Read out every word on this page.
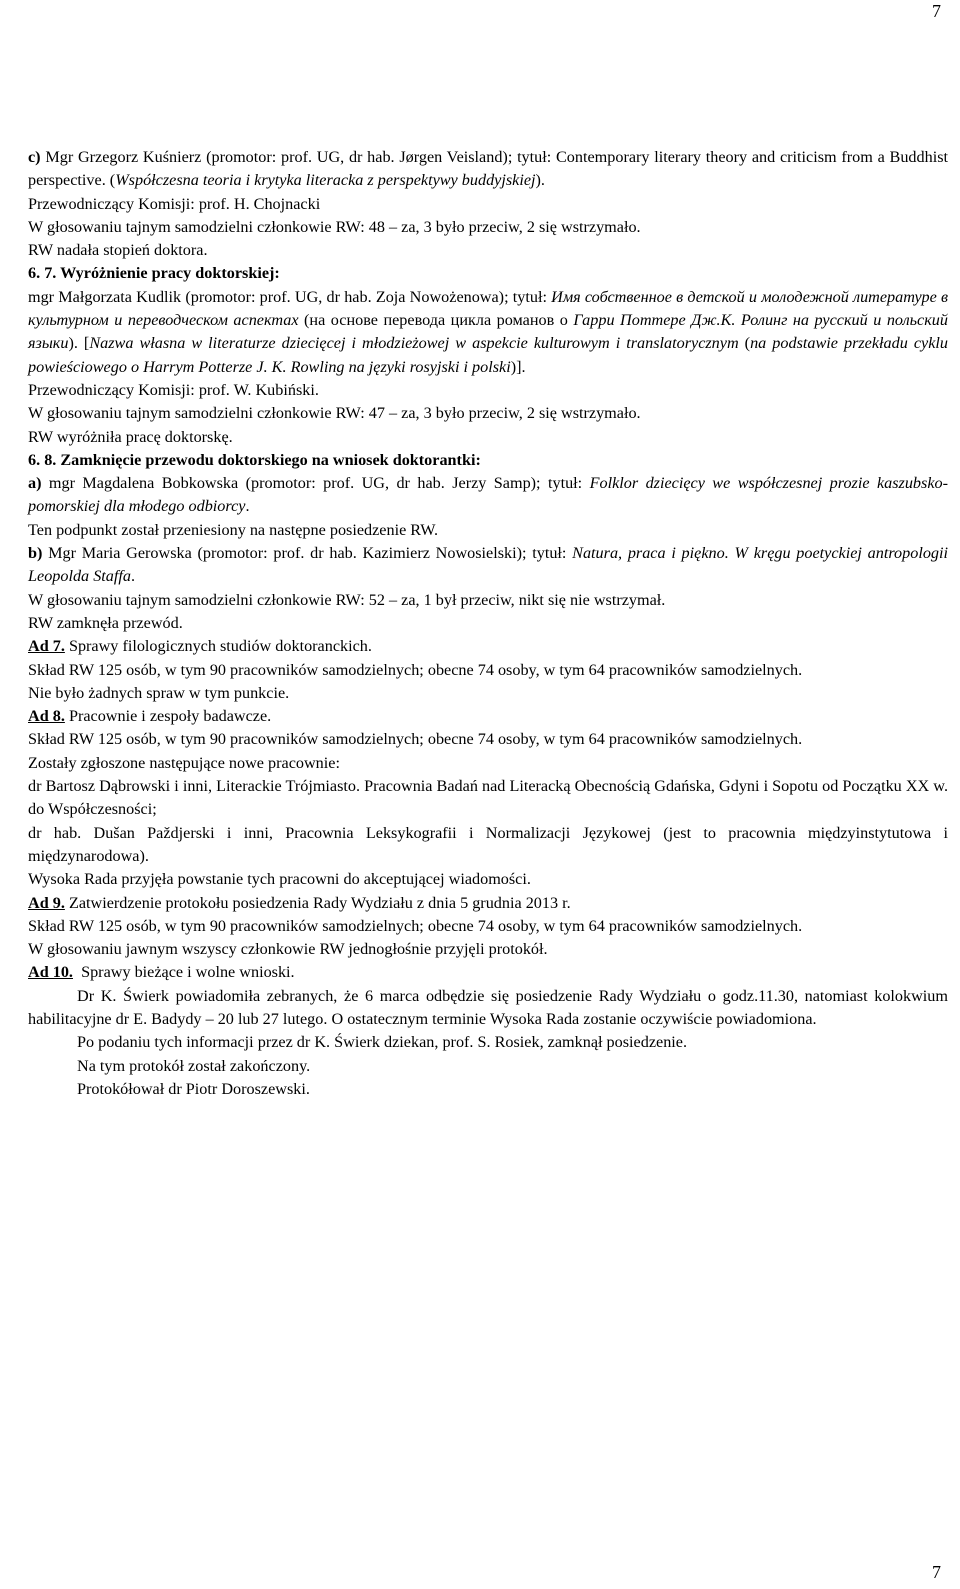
7

c) Mgr Grzegorz Kuśnierz (promotor: prof. UG, dr hab. Jørgen Veisland); tytuł: Contemporary literary theory and criticism from a Buddhist perspective. (Współczesna teoria i krytyka literacka z perspektywy buddyjskiej).

Przewodniczący Komisji: prof. H. Chojnacki

W głosowaniu tajnym samodzielni członkowie RW: 48 – za, 3 było przeciw, 2 się wstrzymało.

RW nadała stopień doktora.

6. 7. Wyróżnienie pracy doktorskiej:

mgr Małgorzata Kudlik (promotor: prof. UG, dr hab. Zoja Nowożenowa); tytuł: Имя собственное в детской и молодежной литературе в культурном и переводческом аспектах (на основе перевода цикла романов о Гарри Поттере Дж.К. Ролинг на русский и польский языки). [Nazwa własna w literaturze dziecięcej i młodzieżowej w aspekcie kulturowym i translatorycznym (na podstawie przekładu cyklu powieściowego o Harrym Potterze J. K. Rowling na języki rosyjski i polski)].

Przewodniczący Komisji: prof. W. Kubiński.

W głosowaniu tajnym samodzielni członkowie RW: 47 – za, 3 było przeciw, 2 się wstrzymało.

RW wyróżniła pracę doktorskę.

6. 8. Zamknięcie przewodu doktorskiego na wniosek doktorantki:

a) mgr Magdalena Bobkowska (promotor: prof. UG, dr hab. Jerzy Samp); tytuł: Folklor dziecięcy we współczesnej prozie kaszubsko-pomorskiej dla młodego odbiorcy.

Ten podpunkt został przeniesiony na następne posiedzenie RW.

b) Mgr Maria Gerowska (promotor: prof. dr hab. Kazimierz Nowosielski); tytuł: Natura, praca i piękno. W kręgu poetyckiej antropologii Leopolda Staffa.

W głosowaniu tajnym samodzielni członkowie RW: 52 – za, 1 był przeciw, nikt się nie wstrzymał.

RW zamknęła przewód.

Ad 7. Sprawy filologicznych studiów doktoranckich.

Skład RW 125 osób, w tym 90 pracowników samodzielnych; obecne 74 osoby, w tym 64 pracowników samodzielnych.

Nie było żadnych spraw w tym punkcie.

Ad 8. Pracownie i zespoły badawcze.

Skład RW 125 osób, w tym 90 pracowników samodzielnych; obecne 74 osoby, w tym 64 pracowników samodzielnych.

Zostały zgłoszone następujące nowe pracownie:

dr Bartosz Dąbrowski i inni, Literackie Trójmiasto. Pracownia Badań nad Literacką Obecnością Gdańska, Gdyni i Sopotu od Początku XX w. do Współczesności;

dr hab. Dušan Paždjerski i inni, Pracownia Leksykografii i Normalizacji Językowej (jest to pracownia międzyinstytutowa i międzynarodowa).

Wysoka Rada przyjęła powstanie tych pracowni do akceptującej wiadomości.

Ad 9. Zatwierdzenie protokołu posiedzenia Rady Wydziału z dnia 5 grudnia 2013 r.

Skład RW 125 osób, w tym 90 pracowników samodzielnych; obecne 74 osoby, w tym 64 pracowników samodzielnych.

W głosowaniu jawnym wszyscy członkowie RW jednogłośnie przyjęli protokół.

Ad 10.  Sprawy bieżące i wolne wnioski.

Dr K. Świerk powiadomiła zebranych, że 6 marca odbędzie się posiedzenie Rady Wydziału o godz.11.30, natomiast kolokwium habilitacyjne dr E. Badydy – 20 lub 27 lutego. O ostatecznym terminie Wysoka Rada zostanie oczywiście powiadomiona.

Po podaniu tych informacji przez dr K. Świerk dziekan, prof. S. Rosiek, zamknął posiedzenie.

Na tym protokół został zakończony.

Protokółował dr Piotr Doroszewski.

7
